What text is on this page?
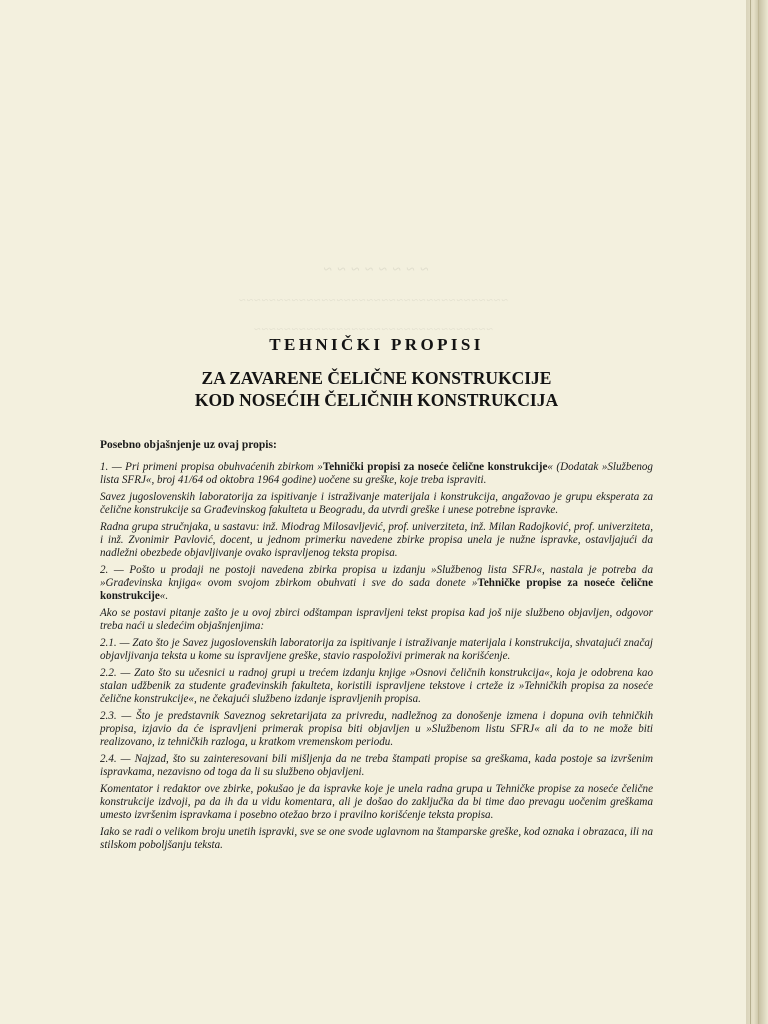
~~~~~~~~
~~~~~~~~~~~~~~~~~~~~~~~~~~~~~~~~~~~~
~~~~~~~~~~~~~~~~~~~~~~~~~~~~~~~~
TEHNIČKI PROPISI
ZA ZAVARENE ČELIČNE KONSTRUKCIJE
KOD NOSEĆIH ČELIČNIH KONSTRUKCIJA
Posebno objašnjenje uz ovaj propis:

1. — Pri primeni propisa obuhvaćenih zbirkom »Tehnički propisi za noseće čelične konstrukcije« (Dodatak »Službenog lista SFRJ«, broj 41/64 od oktobra 1964 godine) uočene su greške, koje treba ispraviti.

Savez jugoslovenskih laboratorija za ispitivanje i istraživanje materijala i konstrukcija, angažovao je grupu eksperata za čelične konstrukcije sa Građevinskog fakulteta u Beogradu, da utvrdi greške i unese potrebne ispravke.

Radna grupa stručnjaka, u sastavu: inž. Miodrag Milosavljević, prof. univerziteta, inž. Milan Radojković, prof. univerziteta, i inž. Zvonimir Pavlović, docent, u jednom primerku navedene zbirke propisa unela je nužne ispravke, ostavljajući da nadležni obezbede objavljivanje ovako ispravljenog teksta propisa.

2. — Pošto u prodaji ne postoji navedena zbirka propisa u izdanju »Službenog lista SFRJ«, nastala je potreba da »Građevinska knjiga« ovom svojom zbirkom obuhvati i sve do sada donete »Tehničke propise za noseće čelične konstrukcije«.

Ako se postavi pitanje zašto je u ovoj zbirci odštampan ispravljeni tekst propisa kad još nije službeno objavljen, odgovor treba naći u sledećim objašnjenjima:

2.1. — Zato što je Savez jugoslovenskih laboratorija za ispitivanje i istraživanje materijala i konstrukcija, shvatajući značaj objavljivanja teksta u kome su ispravljene greške, stavio raspoloživi primerak na korišćenje.

2.2. — Zato što su učesnici u radnoj grupi u trećem izdanju knjige »Osnovi čeličnih konstrukcija«, koja je odobrena kao stalan udžbenik za studente građevinskih fakulteta, koristili ispravljene tekstove i crteže iz »Tehničkih propisa za noseće čelične konstrukcije«, ne čekajući službeno izdanje ispravljenih propisa.

2.3. — Što je predstavnik Saveznog sekretarijata za privredu, nadležnog za donošenje izmena i dopuna ovih tehničkih propisa, izjavio da će ispravljeni primerak propisa biti objavljen u »Službenom listu SFRJ« ali da to ne može biti realizovano, iz tehničkih razloga, u kratkom vremenskom periodu.

2.4. — Najzad, što su zainteresovani bili mišljenja da ne treba štampati propise sa greškama, kada postoje sa izvršenim ispravkama, nezavisno od toga da li su službeno objavljeni.

Komentator i redaktor ove zbirke, pokušao je da ispravke koje je unela radna grupa u Tehničke propise za noseće čelične konstrukcije izdvoji, pa da ih da u vidu komentara, ali je došao do zaključka da bi time dao prevagu uočenim greškama umesto izvršenim ispravkama i posebno otežao brzo i pravilno korišćenje teksta propisa.

Iako se radi o velikom broju unetih ispravki, sve se one svode uglavnom na štamparske greške, kod oznaka i obrazaca, ili na stilskom poboljšanju teksta.
